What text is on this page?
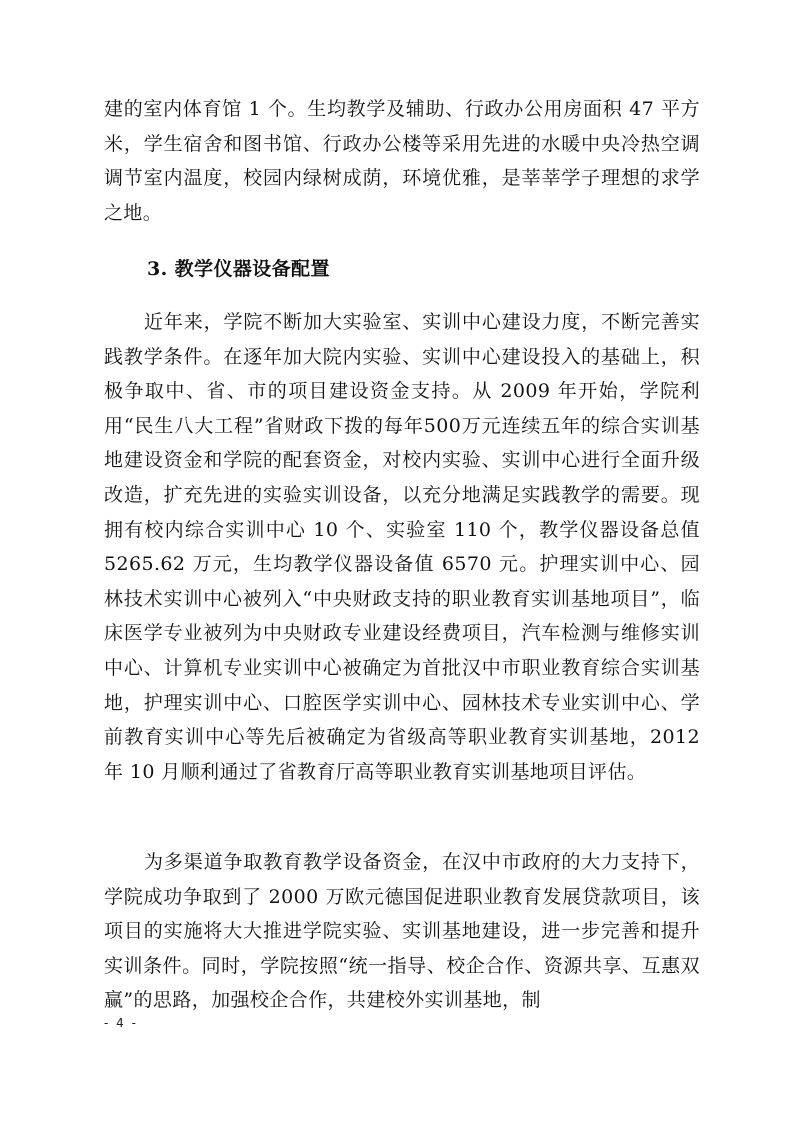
建的室内体育馆 1 个。生均教学及辅助、行政办公用房面积 47 平方米，学生宿舍和图书馆、行政办公楼等采用先进的水暖中央冷热空调调节室内温度，校园内绿树成荫，环境优雅，是莘莘学子理想的求学之地。

3. 教学仪器设备配置

近年来，学院不断加大实验室、实训中心建设力度，不断完善实践教学条件。在逐年加大院内实验、实训中心建设投入的基础上，积极争取中、省、市的项目建设资金支持。从 2009 年开始，学院利用“民生八大工程”省财政下拨的每年500万元连续五年的综合实训基地建设资金和学院的配套资金，对校内实验、实训中心进行全面升级改造，扩充先进的实验实训设备，以充分地满足实践教学的需要。现拥有校内综合实训中心 10 个、实验室 110 个，教学仪器设备总值 5265.62 万元，生均教学仪器设备值 6570 元。护理实训中心、园林技术实训中心被列入“中央财政支持的职业教育实训基地项目”，临床医学专业被列为中央财政专业建设经费项目，汽车检测与维修实训中心、计算机专业实训中心被确定为首批汉中市职业教育综合实训基地，护理实训中心、口腔医学实训中心、园林技术专业实训中心、学前教育实训中心等先后被确定为省级高等职业教育实训基地，2012 年 10 月顺利通过了省教育厅高等职业教育实训基地项目评估。

为多渠道争取教育教学设备资金，在汉中市政府的大力支持下，学院成功争取到了 2000 万欧元德国促进职业教育发展贷款项目，该项目的实施将大大推进学院实验、实训基地建设，进一步完善和提升实训条件。同时，学院按照“统一指导、校企合作、资源共享、互惠双赢”的思路，加强校企合作，共建校外实训基地，制

- 4 -
